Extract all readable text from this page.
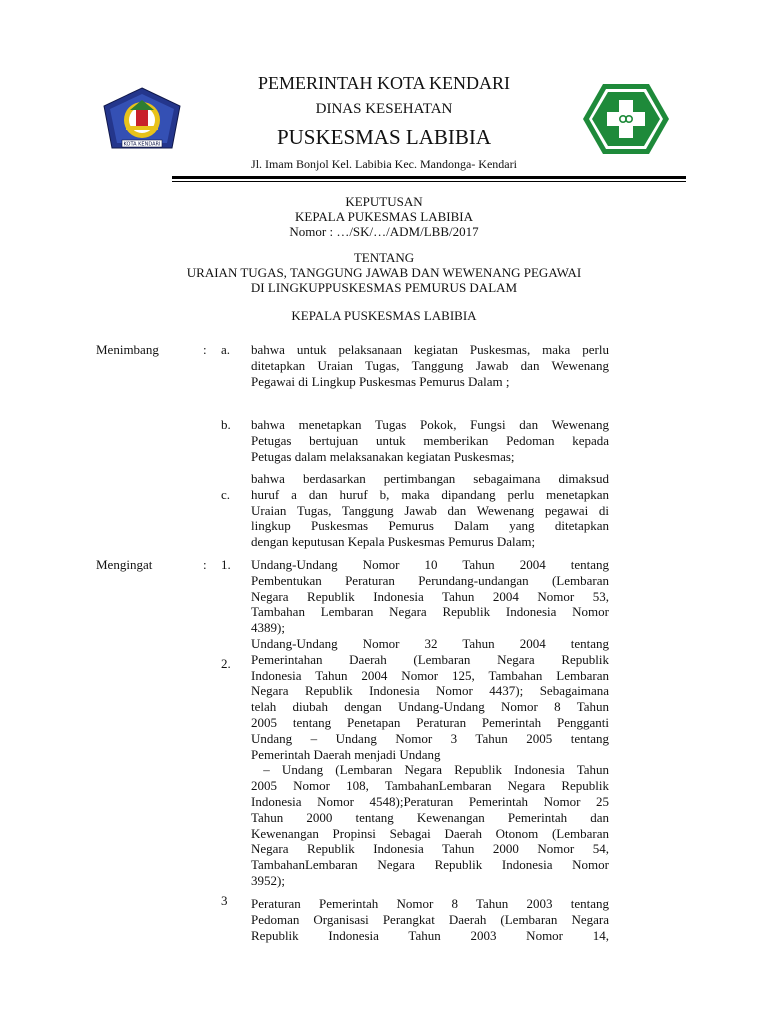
KOTA KENDARI
PEMERINTAH KOTA KENDARI
DINAS KESEHATAN
PUSKESMAS LABIBIA
Jl. Imam Bonjol Kel. Labibia Kec. Mandonga- Kendari
KEPUTUSAN
KEPALA PUKESMAS LABIBIA
Nomor : …/SK/…/ADM/LBB/2017
TENTANG
URAIAN TUGAS, TANGGUNG JAWAB DAN WEWENANG PEGAWAI
DI LINGKUPPUSKESMAS PEMURUS DALAM
KEPALA PUSKESMAS LABIBIA
Menimbang	: a. bahwa untuk pelaksanaan kegiatan Puskesmas, maka perlu
ditetapkan Uraian Tugas, Tanggung Jawab dan Wewenang
Pegawai di Lingkup Puskesmas Pemurus Dalam ;
b. bahwa menetapkan Tugas Pokok, Fungsi dan Wewenang
Petugas bertujuan untuk memberikan Pedoman kepada
Petugas dalam melaksanakan kegiatan Puskesmas;
c.
bahwa berdasarkan pertimbangan sebagaimana dimaksud
huruf a dan huruf b, maka dipandang perlu menetapkan
Uraian Tugas, Tanggung Jawab dan Wewenang pegawai di
lingkup Puskesmas Pemurus Dalam yang ditetapkan
dengan keputusan Kepala Puskesmas Pemurus Dalam;
Mengingat	: 1. Undang-Undang Nomor 10 Tahun 2004 tentang
Pembentukan Peraturan Perundang-undangan (Lembaran
Negara Republik Indonesia Tahun 2004 Nomor 53,
Tambahan Lembaran Negara Republik Indonesia Nomor
4389);
2.
Undang-Undang Nomor 32 Tahun 2004 tentang
Pemerintahan Daerah (Lembaran Negara Republik
Indonesia Tahun 2004 Nomor 125, Tambahan Lembaran
Negara Republik Indonesia Nomor 4437); Sebagaimana
telah diubah dengan Undang-Undang Nomor 8 Tahun
2005 tentang Penetapan Peraturan Pemerintah Pengganti
Undang – Undang Nomor 3 Tahun 2005 tentang
Pemerintah Daerah menjadi Undang
– Undang (Lembaran Negara Republik Indonesia Tahun
2005 Nomor 108, TambahanLembaran Negara Republik
Indonesia Nomor 4548);Peraturan Pemerintah Nomor 25
Tahun 2000 tentang Kewenangan Pemerintah dan
Kewenangan Propinsi Sebagai Daerah Otonom (Lembaran
Negara Republik Indonesia Tahun 2000 Nomor 54,
TambahanLembaran Negara Republik Indonesia Nomor
3952);
3 Peraturan Pemerintah Nomor 8 Tahun 2003 tentang
Pedoman Organisasi Perangkat Daerah (Lembaran Negara
Republik Indonesia Tahun 2003 Nomor 14,
